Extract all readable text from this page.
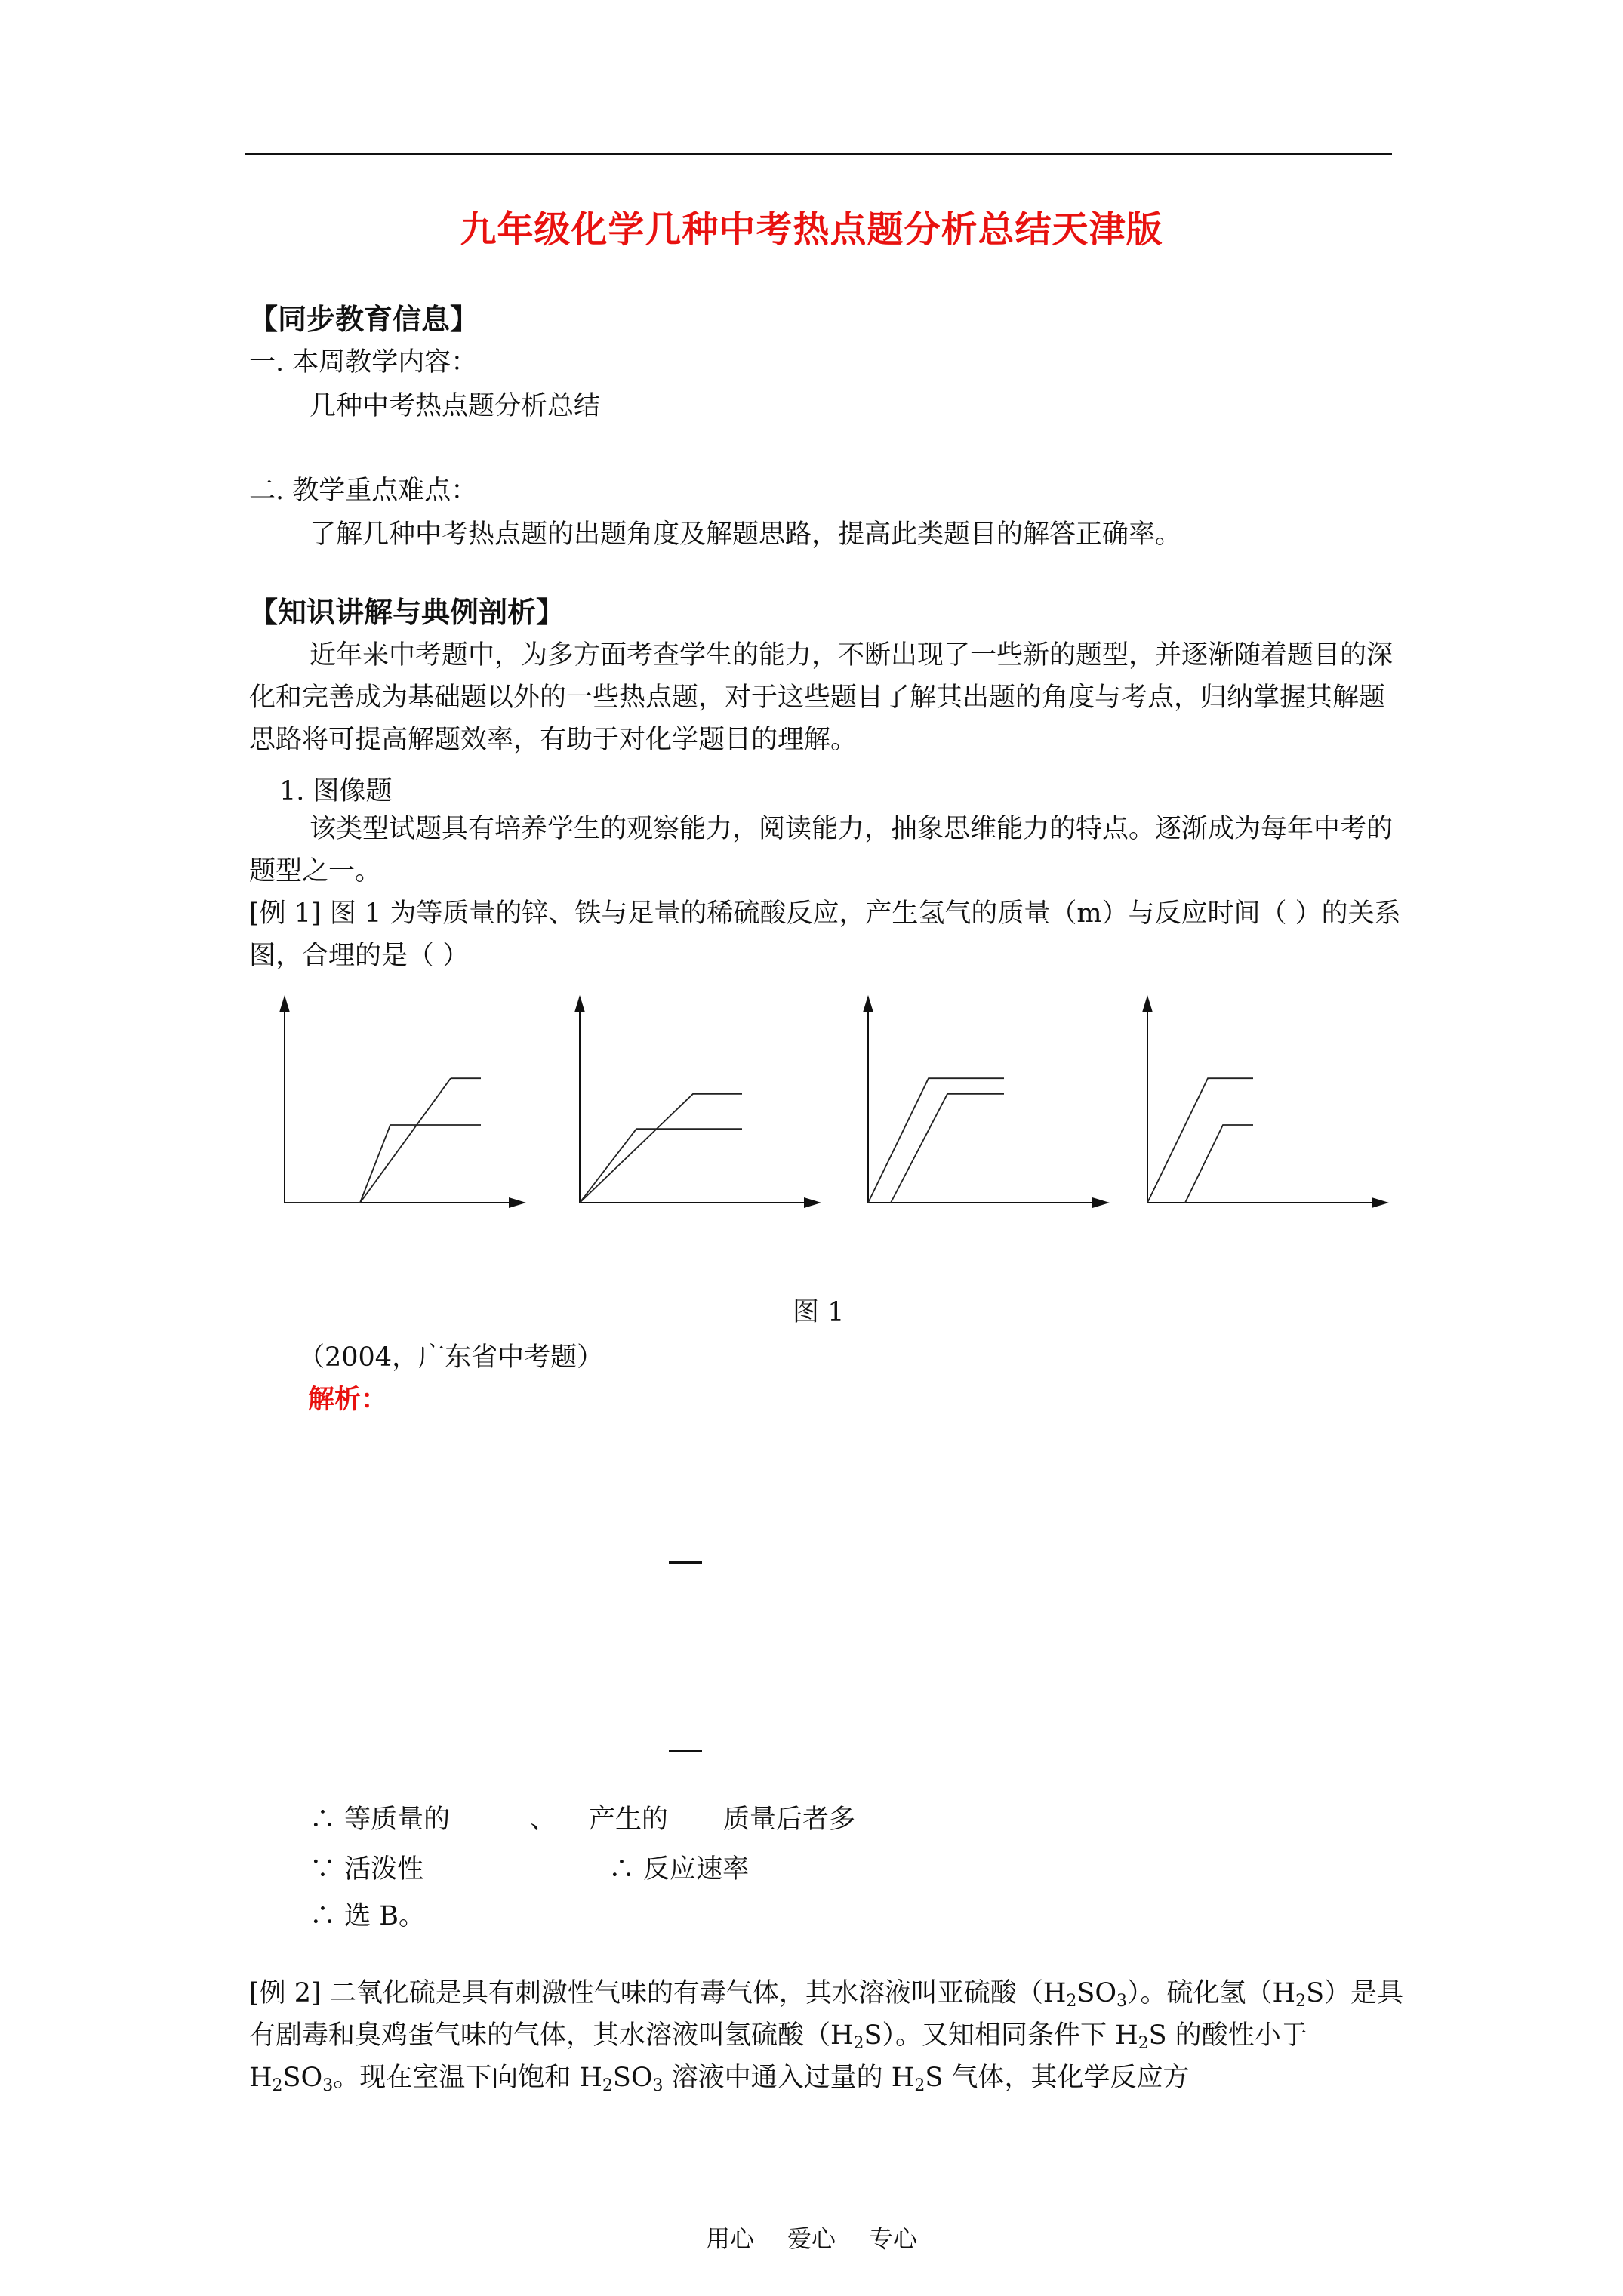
九年级化学几种中考热点题分析总结天津版
【同步教育信息】
一. 本周教学内容：
几种中考热点题分析总结
二. 教学重点难点：
了解几种中考热点题的出题角度及解题思路，提高此类题目的解答正确率。
【知识讲解与典例剖析】
近年来中考题中，为多方面考查学生的能力，不断出现了一些新的题型，并逐渐随着题目的深化和完善成为基础题以外的一些热点题，对于这些题目了解其出题的角度与考点，归纳掌握其解题思路将可提高解题效率，有助于对化学题目的理解。
1. 图像题
该类型试题具有培养学生的观察能力，阅读能力，抽象思维能力的特点。逐渐成为每年中考的题型之一。
[例 1] 图 1 为等质量的锌、铁与足量的稀硫酸反应，产生氢气的质量（m）与反应时间（ ）的关系图，合理的是（ ）
图 1
（2004，广东省中考题）
解析：
∴ 等质量的	、 产生的 质量后者多
∵ 活泼性	∴ 反应速率
∴ 选 B。
[例 2] 二氧化硫是具有刺激性气味的有毒气体，其水溶液叫亚硫酸$(H_2SO_3)$。硫化氢$(H_2S)$是具有剧毒和臭鸡蛋气味的气体，其水溶液叫氢硫酸$(H_2S)$。又知相同条件下 $H_2S$ 的酸性小于 $H_2SO_3$。现在室温下向饱和 $H_2SO_3$ 溶液中通入过量的 $H_2S$ 气体，其化学反应方
用心 爱心 专心
